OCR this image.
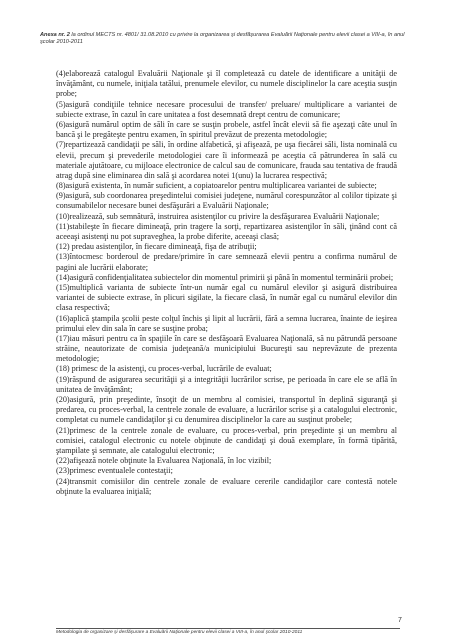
Anexa nr. 2 la ordinul MECTS nr. 4801/ 31.08.2010 cu privire la organizarea şi desfăşurarea Evaluării Naţionale pentru elevii clasei a VIII-a, în anul şcolar 2010-2011

(4)elaborează catalogul Evaluării Naţionale şi îl completează cu datele de identificare a unităţii de învăţământ, cu numele, iniţiala tatălui, prenumele elevilor, cu numele disciplinelor la care aceştia susţin probe;

(5)asigură condiţiile tehnice necesare procesului de transfer/ preluare/ multiplicare a variantei de subiecte extrase, în cazul în care unitatea a fost desemnată drept centru de comunicare;

(6)asigură numărul optim de săli în care se susţin probele, astfel încât elevii să fie aşezaţi câte unul în bancă şi le pregăteşte pentru examen, în spiritul prevăzut de prezenta metodologie;

(7)repartizează candidaţii pe săli, în ordine alfabetică, şi afişează, pe uşa fiecărei săli, lista nominală cu elevii, precum şi prevederile metodologiei care îi informează pe aceştia că pătrunderea în sală cu materiale ajutătoare, cu mijloace electronice de calcul sau de comunicare, frauda sau tentativa de fraudă atrag după sine eliminarea din sală şi acordarea notei 1(unu) la lucrarea respectivă;

(8)asigură existenta, în număr suficient, a copiatoarelor pentru multiplicarea variantei de subiecte;

(9)asigură, sub coordonarea preşedintelui comisiei judeţene, numărul corespunzător al colilor tipizate şi consumabilelor necesare bunei desfăşurări a Evaluării Naţionale;

(10)realizează, sub semnătură, instruirea asistenţilor cu privire la desfăşurarea Evaluării Naţionale;

(11)stabileşte în fiecare dimineaţă, prin tragere la sorţi, repartizarea asistenţilor în săli, ţinând cont că aceeaşi asistenţi nu pot supraveghea, la probe diferite, aceeaşi clasă;

(12) predau asistenţilor, în fiecare dimineaţă, fişa de atribuţii;

(13)întocmesc borderoul de predare/primire în care semnează elevii pentru a confirma numărul de pagini ale lucrării elaborate;

(14)asigură confidenţialitatea subiectelor din momentul primirii şi până în momentul terminării probei;

(15)multiplică varianta de subiecte într-un număr egal cu numărul elevilor şi asigură distribuirea variantei de subiecte extrase, în plicuri sigilate, la fiecare clasă, în număr egal cu numărul elevilor din clasa respectivă;

(16)aplică ştampila şcolii peste colţul închis şi lipit al lucrării, fără a semna lucrarea, înainte de ieşirea primului elev din sala în care se susţine proba;

(17)iau măsuri pentru ca în spaţiile în care se desfăşoară Evaluarea Naţională, să nu pătrundă persoane străine, neautorizate de comisia judeţeană/a municipiului Bucureşti sau neprevăzute de prezenta metodologie;

(18) primesc de la asistenţi, cu proces-verbal, lucrările de evaluat;

(19)răspund de asigurarea securităţii şi a integrităţii lucrărilor scrise, pe perioada în care ele se află în unitatea de învăţământ;

(20)asigură, prin preşedinte, însoţit de un membru al comisiei, transportul în deplină siguranţă şi predarea, cu proces-verbal, la centrele zonale de evaluare, a lucrărilor scrise şi a catalogului electronic, completat cu numele candidaţilor şi cu denumirea disciplinelor la care au susţinut probele;

(21)primesc de la centrele zonale de evaluare, cu proces-verbal, prin preşedinte şi un membru al comisiei, catalogul electronic cu notele obţinute de candidaţi şi două exemplare, în formă tipărită, ştampilate şi semnate, ale catalogului electronic;

(22)afişează notele obţinute la Evaluarea Naţională, în loc vizibil;

(23)primesc eventualele contestaţii;

(24)transmit comisiilor din centrele zonale de evaluare cererile candidaţilor care contestă notele obţinute la evaluarea iniţială;

7
Metodologia de organizare şi desfăşurare a Evaluării Naţionale pentru elevii clasei a VIII-a, în anul şcolar 2010-2011
